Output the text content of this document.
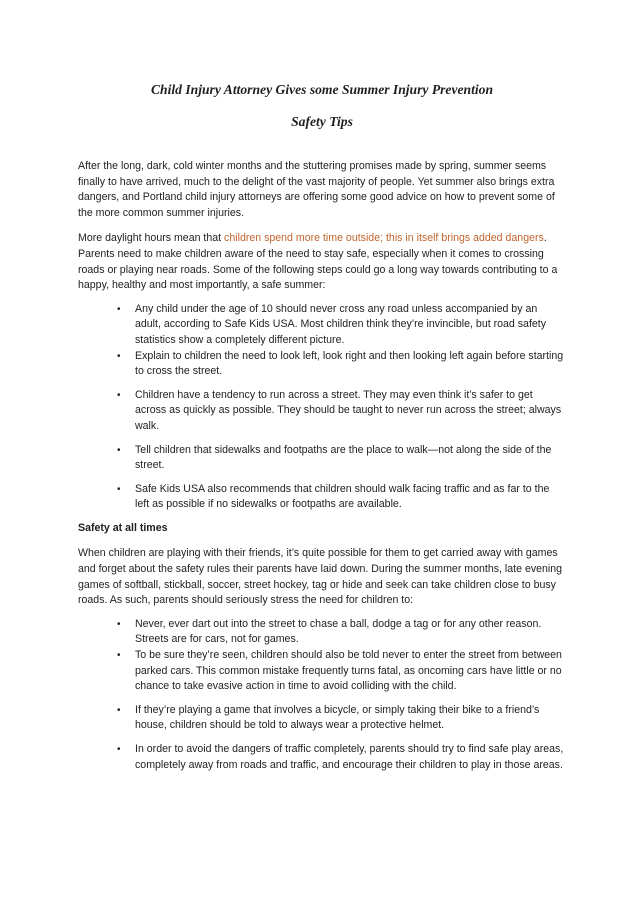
Child Injury Attorney Gives some Summer Injury Prevention
Safety Tips

After the long, dark, cold winter months and the stuttering promises made by spring, summer seems finally to have arrived, much to the delight of the vast majority of people. Yet summer also brings extra dangers, and Portland child injury attorneys are offering some good advice on how to prevent some of the more common summer injuries.

More daylight hours mean that children spend more time outside; this in itself brings added dangers. Parents need to make children aware of the need to stay safe, especially when it comes to crossing roads or playing near roads. Some of the following steps could go a long way towards contributing to a happy, healthy and most importantly, a safe summer:

• Any child under the age of 10 should never cross any road unless accompanied by an adult, according to Safe Kids USA. Most children think they’re invincible, but road safety statistics show a completely different picture.
• Explain to children the need to look left, look right and then looking left again before starting to cross the street.
• Children have a tendency to run across a street. They may even think it’s safer to get across as quickly as possible. They should be taught to never run across the street; always walk.
• Tell children that sidewalks and footpaths are the place to walk—not along the side of the street.
• Safe Kids USA also recommends that children should walk facing traffic and as far to the left as possible if no sidewalks or footpaths are available.

Safety at all times

When children are playing with their friends, it’s quite possible for them to get carried away with games and forget about the safety rules their parents have laid down. During the summer months, late evening games of softball, stickball, soccer, street hockey, tag or hide and seek can take children close to busy roads. As such, parents should seriously stress the need for children to:

• Never, ever dart out into the street to chase a ball, dodge a tag or for any other reason. Streets are for cars, not for games.
• To be sure they’re seen, children should also be told never to enter the street from between parked cars. This common mistake frequently turns fatal, as oncoming cars have little or no chance to take evasive action in time to avoid colliding with the child.
• If they’re playing a game that involves a bicycle, or simply taking their bike to a friend’s house, children should be told to always wear a protective helmet.
• In order to avoid the dangers of traffic completely, parents should try to find safe play areas, completely away from roads and traffic, and encourage their children to play in those areas.
